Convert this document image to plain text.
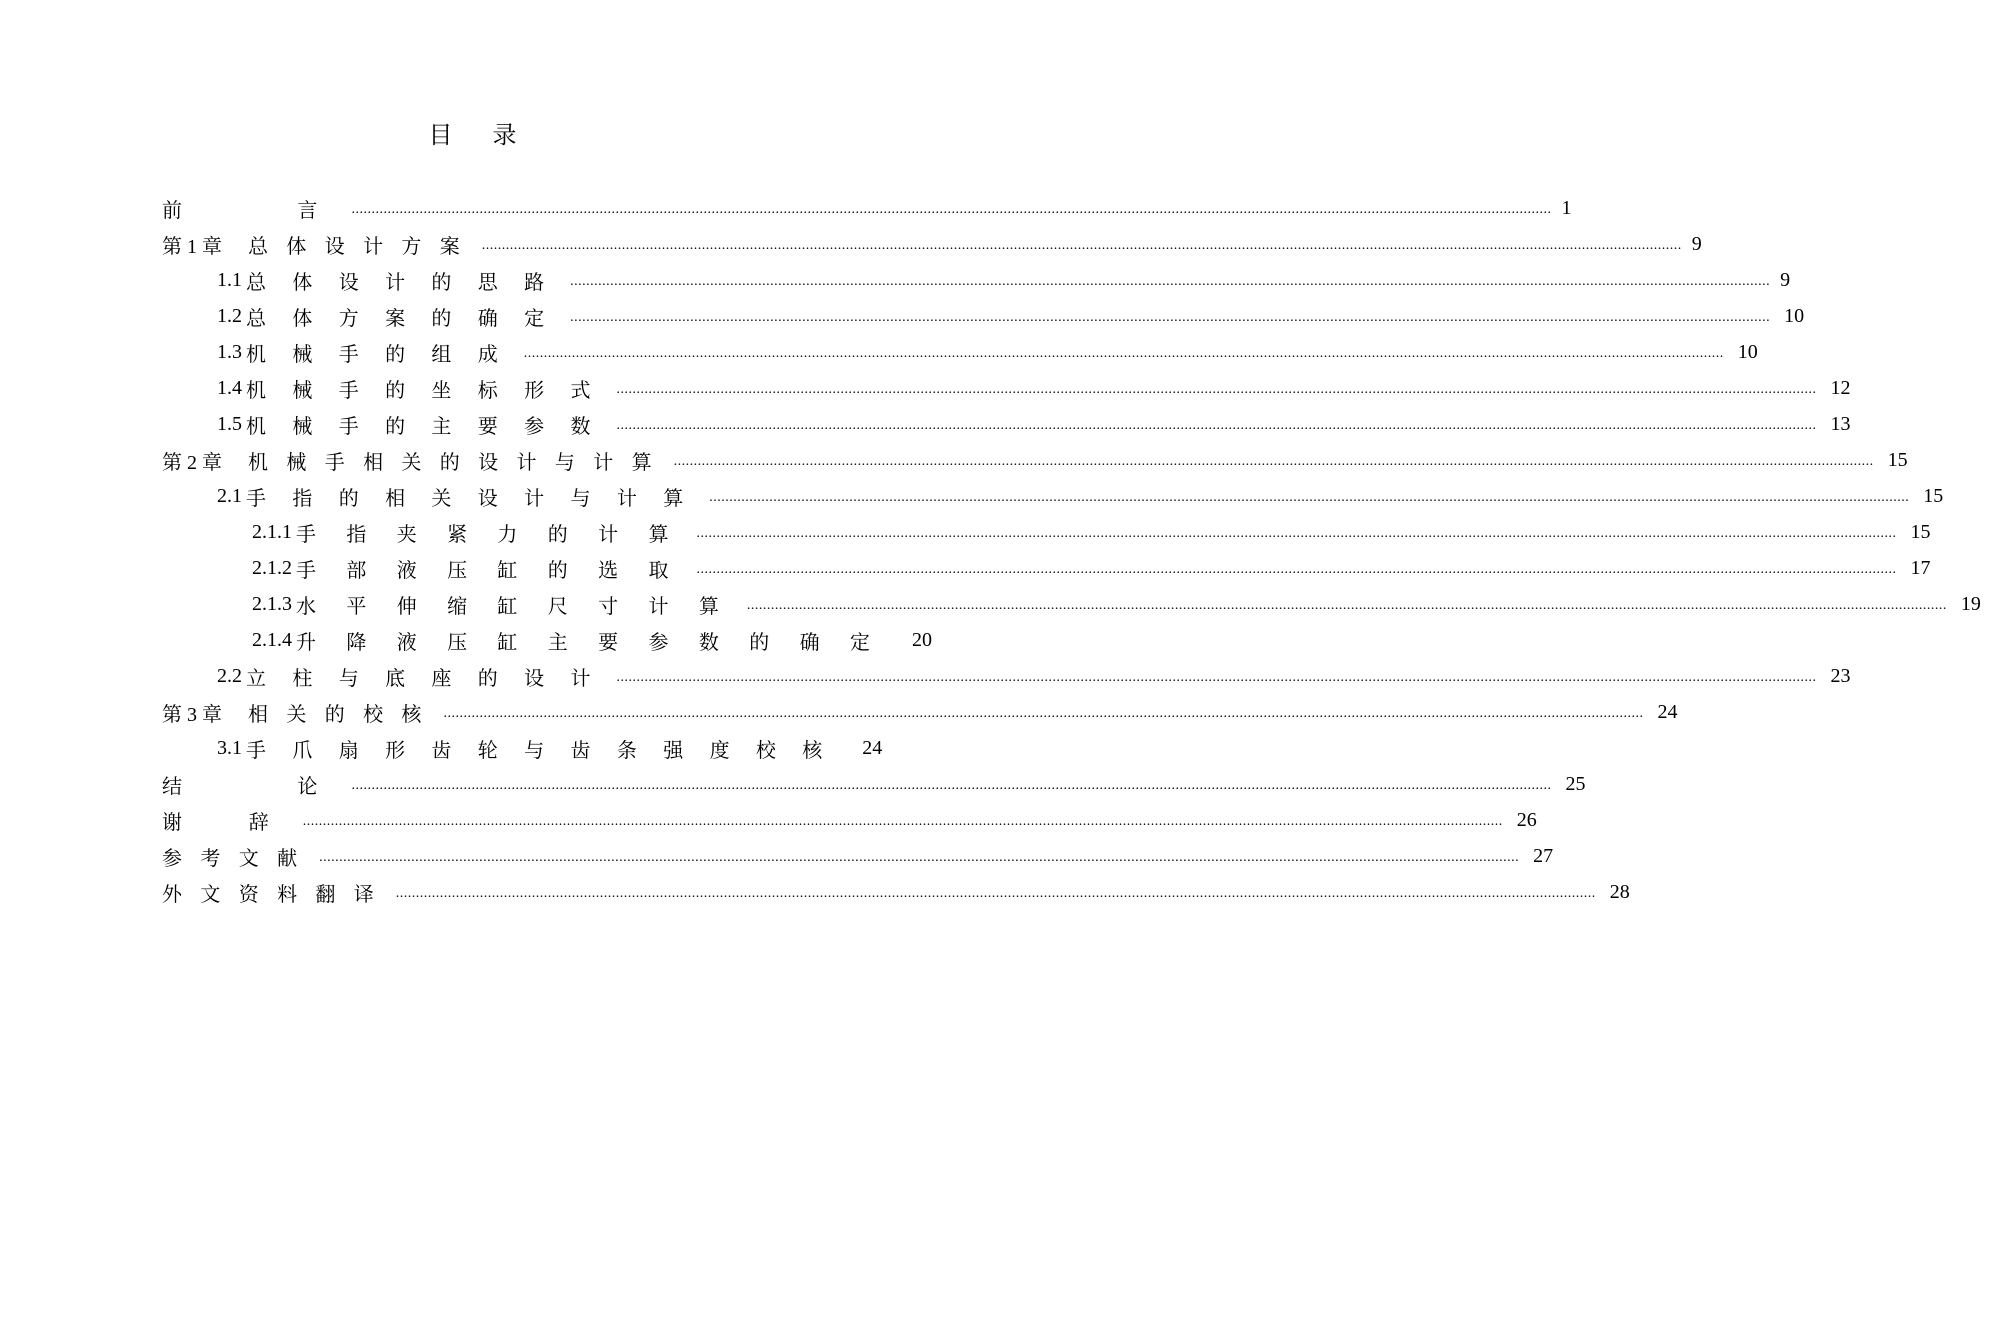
目录
前    言 ............................................................................................................................................................................................................................................................................................................ 1
第 1 章 总 体 设 计 方 案 ............................................................................................................................................................................................................................................................................................................ 9
1.1 总 体 设 计 的 思 路 ............................................................................................................................................................................................................................................................................................................ 9
1.2 总 体 方 案 的 确 定 ............................................................................................................................................................................................................................................................................................................ 10
1.3 机 械 手 的 组 成 ............................................................................................................................................................................................................................................................................................................ 10
1.4 机 械 手 的 坐 标 形 式 ............................................................................................................................................................................................................................................................................................................ 12
1.5 机 械 手 的 主 要 参 数 ............................................................................................................................................................................................................................................................................................................ 13
第 2 章 机 械 手 相 关 的 设 计 与 计 算 ............................................................................................................................................................................................................................................................................................................ 15
2.1 手 指 的 相 关 设 计 与 计 算 ............................................................................................................................................................................................................................................................................................................ 15
2.1.1 手 指 夹 紧 力 的 计 算 ............................................................................................................................................................................................................................................................................................................ 15
2.1.2 手 部 液 压 缸 的 选 取 ............................................................................................................................................................................................................................................................................................................ 17
2.1.3 水 平 伸 缩 缸 尺 寸 计 算 ............................................................................................................................................................................................................................................................................................................ 19
2.1.4 升 降 液 压 缸 主 要 参 数 的 确 定 20
2.2 立 柱 与 底 座 的 设 计 ............................................................................................................................................................................................................................................................................................................ 23
第 3 章 相 关 的 校 核 ............................................................................................................................................................................................................................................................................................................ 24
3.1 手 爪 扇 形 齿 轮 与 齿 条 强 度 校 核 24
结    论 ............................................................................................................................................................................................................................................................................................................ 25
谢  辞 ............................................................................................................................................................................................................................................................................................................ 26
参 考 文 献 ............................................................................................................................................................................................................................................................................................................ 27
外 文 资 料 翻 译 ............................................................................................................................................................................................................................................................................................................ 28
